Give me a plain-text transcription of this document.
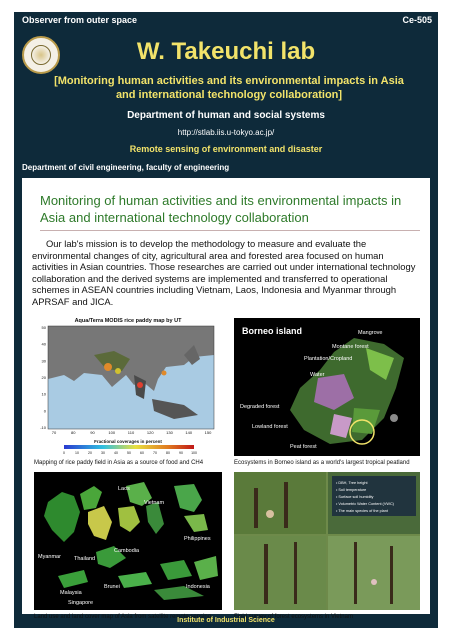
Observer from outer space	Ce-505
W. Takeuchi lab
[Monitoring human activities and its environmental impacts in Asia
and international technology collaboration]
Department of human and social systems
http://stlab.iis.u-tokyo.ac.jp/
Remote sensing of environment and disaster
Department of civil engineering, faculty of engineering
Monitoring of human activities and its environmental impacts in Asia and international technology collaboration
Our lab's mission is to develop the methodology to measure and evaluate the environmental changes of city, agricultural area and forested area focused on human activities in Asian countries. Those researches are carried out under international technology collaboration and the derived systems are implemented and transferred to operational schemes in ASEAN countries including Vietnam, Laos, Indonesia and Myanmar through APRSAF and JICA.
Aqua/Terra MODIS rice paddy map by UT
70	80	90	100	110	120	130	140	150
50
40
30
20
10
0
-10
Fractional coverages in percent
0	10	20	30	40	50	60	70	80	90 100
Mapping of rice paddy field in Asia as a source of food and CH4
Borneo island	Mangrove
Montane forest
Plantation/Cropland
Water
Degraded forest
Lowland forest
Peat forest
Ecosystems in Borneo island as a world's largest tropical peatland
Laos
Vietnam
Myanmar Thailand
Cambodia
Philippines
Indonesia
Malaysia
Brunei
Singapore
Land use and land cover map of Asia from satellite remote sensing
• DBH, Tree height
• Soil temperature
• Surface soil humidity
• Volumetric Water Content (VWC)
• The main species of the plant
Field survey of forest ecosystems in Vietnam
Institute of Industrial Science
